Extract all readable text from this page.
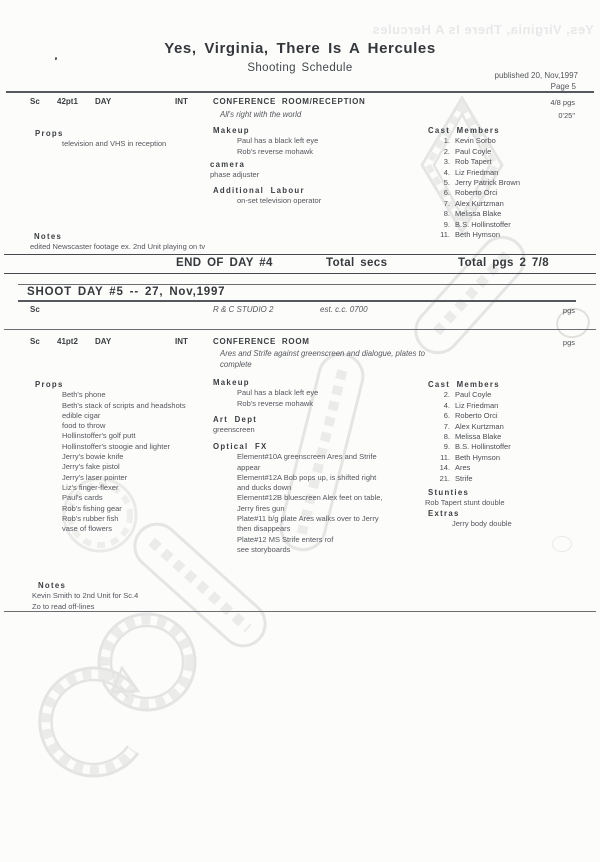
Yes, Virginia, There Is A Hercules
Yes, Virginia, There Is A Hercules
Shooting Schedule
published 20, Nov,1997
Page 5
Sc 42pt1 DAY	INT	CONFERENCE ROOM/RECEPTION	4/8 pgs
0'25"
All's right with the world
Props
television and VHS in reception
Makeup
Paul has a black left eye
Rob's reverse mohawk
camera
phase adjuster
Additional Labour
on-set television operator
Cast Members
1. Kevin Sorbo
2. Paul Coyle
3. Rob Tapert
4. Liz Friedman
5. Jerry Patrick Brown
6. Roberto Orci
7. Alex Kurtzman
8. Melissa Blake
9. B.S. Hollinstoffer
11. Beth Hymson
Notes
edited Newscaster footage ex. 2nd Unit playing on tv
END OF DAY #4	Total secs	Total pgs 2 7/8
SHOOT DAY #5 -- 27, Nov,1997
Sc	R & C STUDIO 2	est. c.c. 0700	pgs
Sc 41pt2 DAY	INT	CONFERENCE ROOM	pgs
Ares and Strife against greenscreen and dialogue, plates to complete
Props
Beth's phone
Beth's stack of scripts and headshots
edible cigar
food to throw
Hollinstoffer's golf putt
Hollinstoffer's stoogie and lighter
Jerry's bowie knife
Jerry's fake pistol
Jerry's laser pointer
Liz's finger-flexer
Paul's cards
Rob's fishing gear
Rob's rubber fish
vase of flowers
Makeup
Paul has a black left eye
Rob's reverse mohawk
Art Dept
greenscreen
Optical FX
Element#10A greenscreen Ares and Strife appear
Element#12A Bob pops up, is shifted right and ducks down
Element#12B bluescreen Alex feet on table, Jerry fires gun
Plate#11 b/g plate Ares walks over to Jerry then disappears
Plate#12 MS Strife enters rof
see storyboards
Cast Members
2. Paul Coyle
4. Liz Friedman
6. Roberto Orci
7. Alex Kurtzman
8. Melissa Blake
9. B.S. Hollinstoffer
11. Beth Hymson
14. Ares
21. Strife
Stunties
Rob Tapert stunt double
Extras
Jerry body double
Notes
Kevin Smith to 2nd Unit for Sc.4
Zo to read off-lines
